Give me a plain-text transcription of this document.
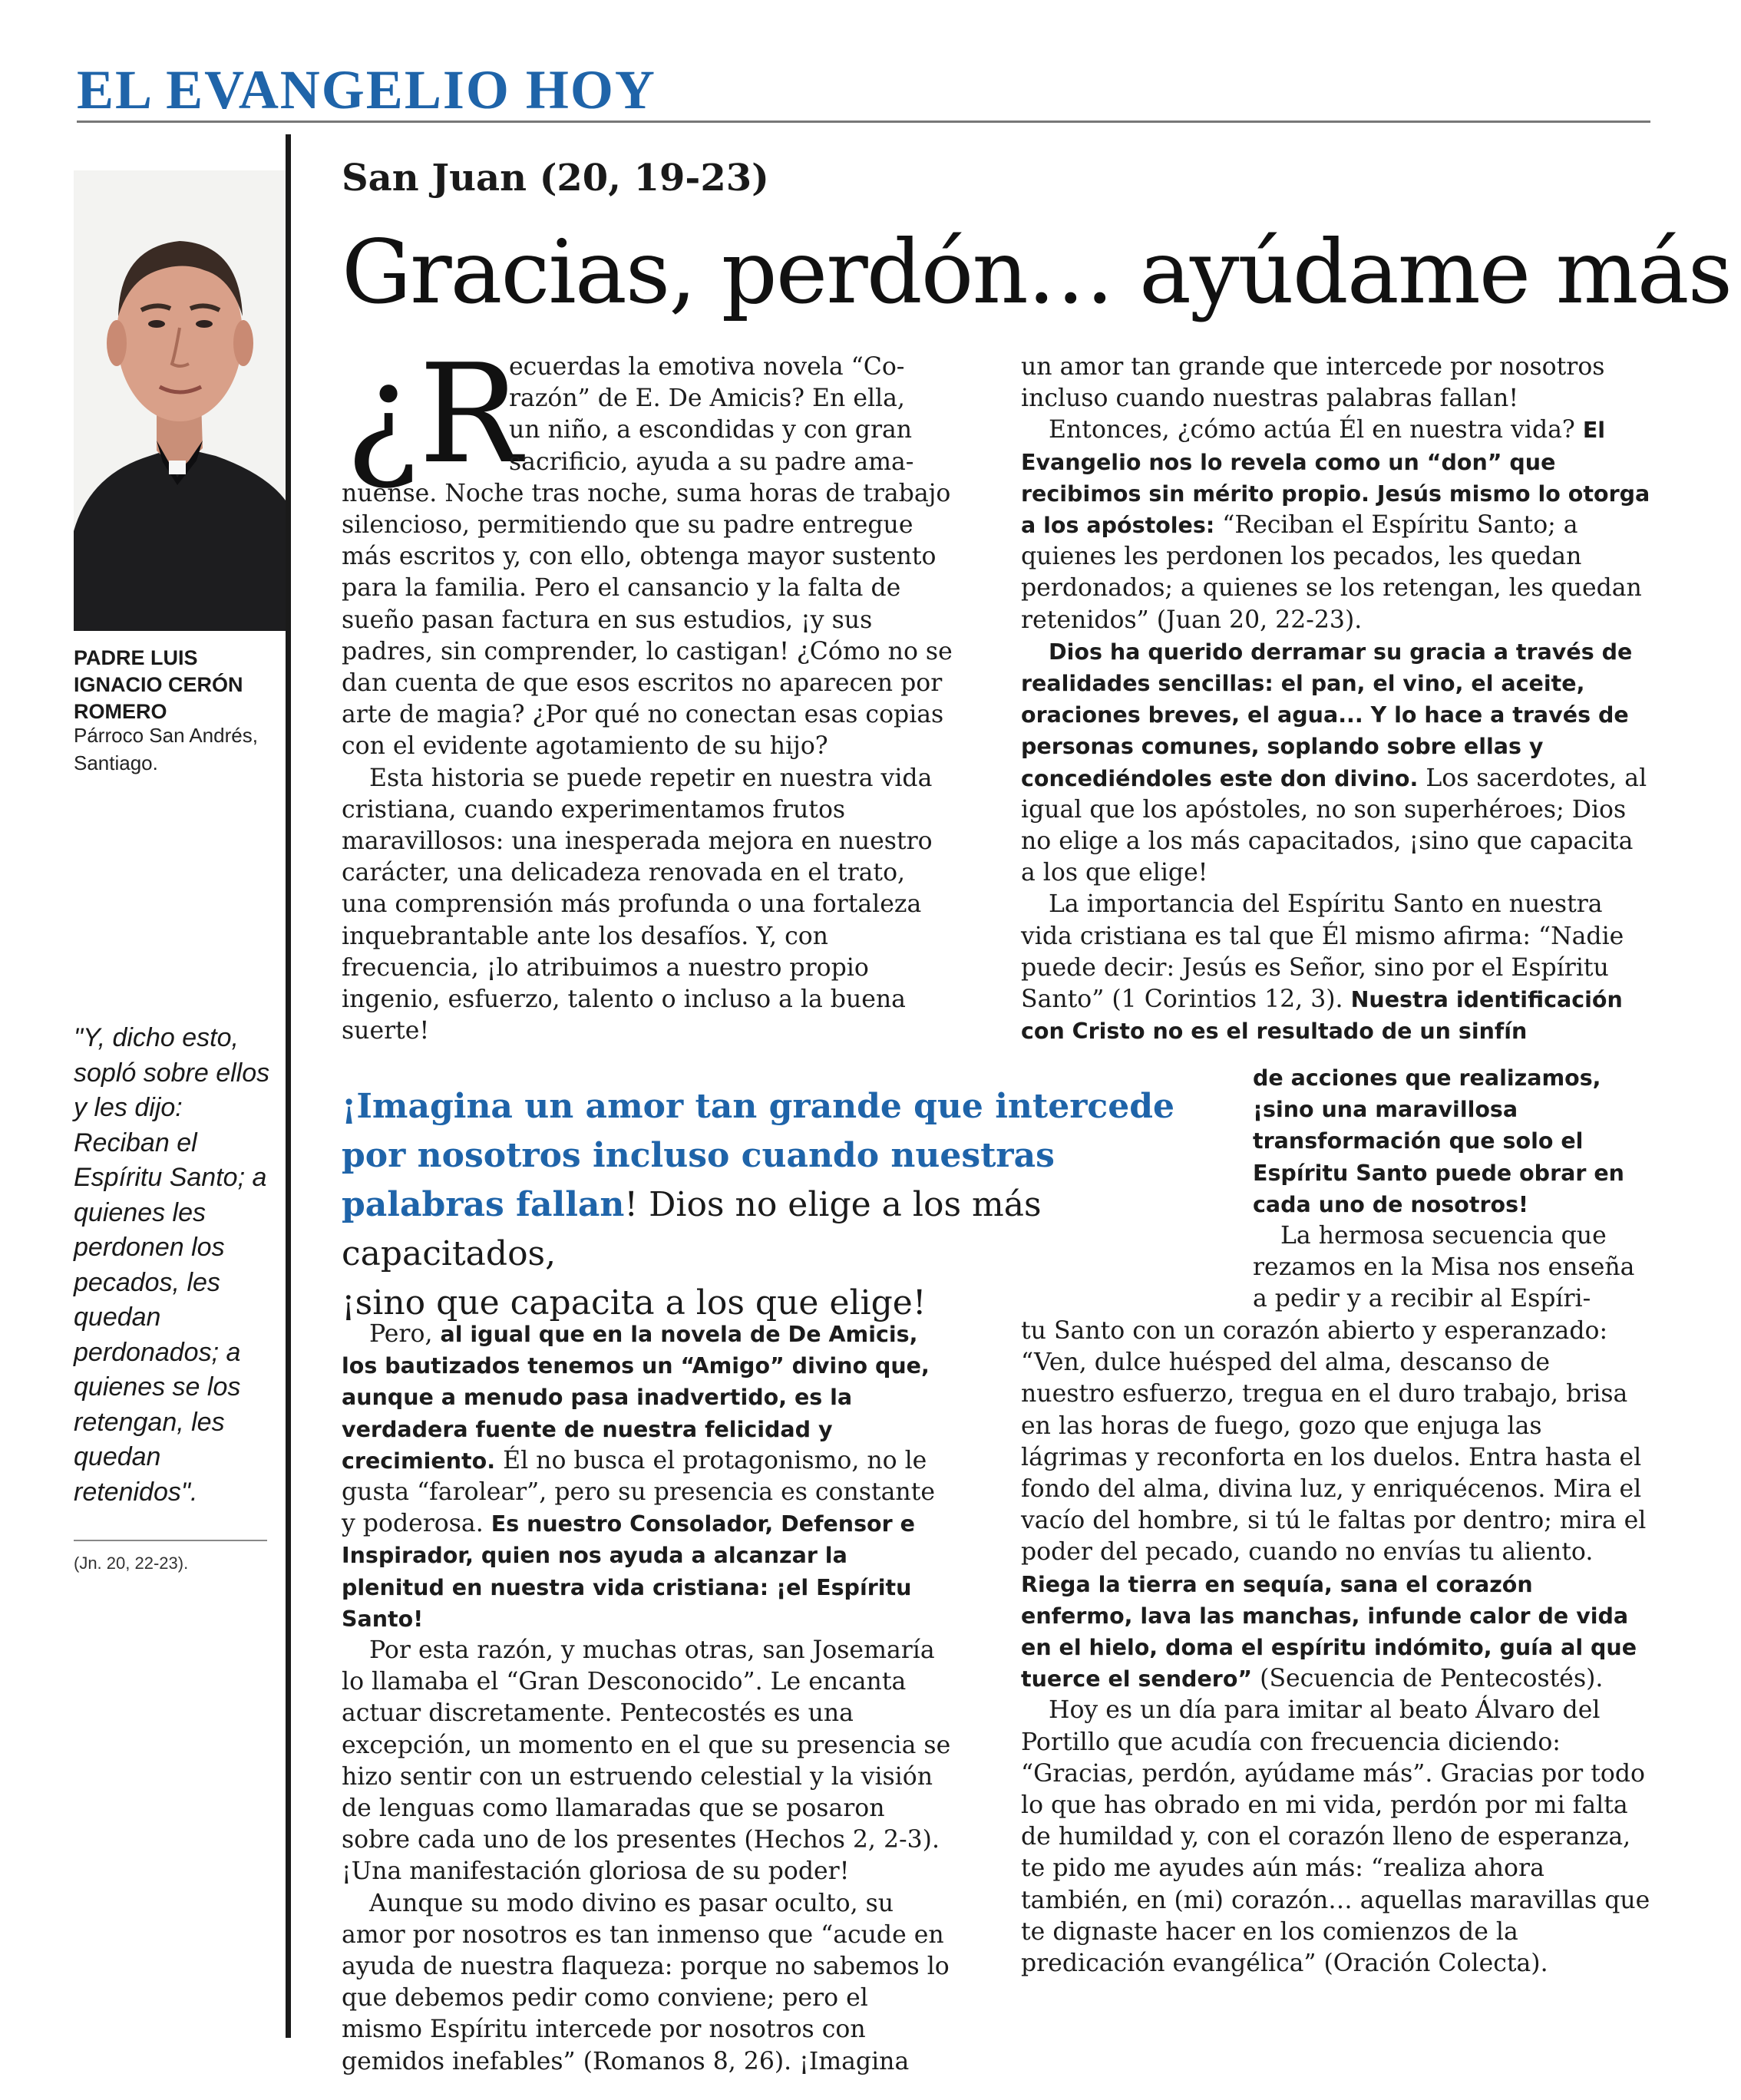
EL EVANGELIO HOY
PADRE LUIS IGNACIO CERÓN ROMERO
Párroco San Andrés, Santiago.
"Y, dicho esto, sopló sobre ellos y les dijo: Reciban el Espíritu Santo; a quienes les perdonen los pecados, les quedan perdonados; a quienes se los retengan, les quedan retenidos".
(Jn. 20, 22-23).
San Juan (20, 19-23)
Gracias, perdón… ayúdame más
¿R
ecuerdas la emotiva novela “Co-
razón” de E. De Amicis? En ella,
un niño, a escondidas y con gran
sacrificio, ayuda a su padre ama-

nuense. Noche tras noche, suma horas de trabajo silencioso, permitiendo que su padre entregue más escritos y, con ello, obtenga mayor sustento para la familia. Pero el cansancio y la falta de sueño pasan factura en sus estudios, ¡y sus padres, sin comprender, lo castigan! ¿Cómo no se dan cuenta de que esos escritos no aparecen por arte de magia? ¿Por qué no conectan esas copias con el evidente agotamiento de su hijo?

Esta historia se puede repetir en nuestra vida cristiana, cuando experimentamos frutos maravillosos: una inesperada mejora en nuestro carácter, una delicadeza renovada en el trato, una comprensión más profunda o una fortaleza inquebrantable ante los desafíos. Y, con frecuencia, ¡lo atribuimos a nuestro propio ingenio, esfuerzo, talento o incluso a la buena suerte!

¡Imagina un amor tan grande que intercede
por nosotros incluso cuando nuestras
palabras fallan! Dios no elige a los más capacitados,
¡sino que capacita a los que elige!

Pero, al igual que en la novela de De Amicis, los bautizados tenemos un “Amigo” divino que, aunque a menudo pasa inadvertido, es la verdadera fuente de nuestra felicidad y crecimiento. Él no busca el protagonismo, no le gusta “farolear”, pero su presencia es constante y poderosa. Es nuestro Consolador, Defensor e Inspirador, quien nos ayuda a alcanzar la plenitud en nuestra vida cristiana: ¡el Espíritu Santo!

Por esta razón, y muchas otras, san Josemaría lo llamaba el “Gran Desconocido”. Le encanta actuar discretamente. Pentecostés es una excepción, un momento en el que su presencia se hizo sentir con un estruendo celestial y la visión de lenguas como llamaradas que se posaron sobre cada uno de los presentes (Hechos 2, 2-3). ¡Una manifestación gloriosa de su poder!

Aunque su modo divino es pasar oculto, su amor por nosotros es tan inmenso que “acude en ayuda de nuestra flaqueza: porque no sabemos lo que debemos pedir como conviene; pero el mismo Espíritu intercede por nosotros con gemidos inefables” (Romanos 8, 26). ¡Imagina

un amor tan grande que intercede por nosotros incluso cuando nuestras palabras fallan!

Entonces, ¿cómo actúa Él en nuestra vida? El Evangelio nos lo revela como un “don” que recibimos sin mérito propio. Jesús mismo lo otorga a los apóstoles: “Reciban el Espíritu Santo; a quienes les perdonen los pecados, les quedan perdonados; a quienes se los retengan, les quedan retenidos” (Juan 20, 22-23).

Dios ha querido derramar su gracia a través de realidades sencillas: el pan, el vino, el aceite, oraciones breves, el agua... Y lo hace a través de personas comunes, soplando sobre ellas y concediéndoles este don divino. Los sacerdotes, al igual que los apóstoles, no son superhéroes; Dios no elige a los más capacitados, ¡sino que capacita a los que elige!

La importancia del Espíritu Santo en nuestra vida cristiana es tal que Él mismo afirma: “Nadie puede decir: Jesús es Señor, sino por el Espíritu Santo” (1 Corintios 12, 3). Nuestra identificación con Cristo no es el resultado de un sinfín

de acciones que realizamos, ¡sino una maravillosa transformación que solo el Espíritu Santo puede obrar en cada uno de nosotros!

La hermosa secuencia que rezamos en la Misa nos enseña a pedir y a recibir al Espíri-

tu Santo con un corazón abierto y esperanzado: “Ven, dulce huésped del alma, descanso de nuestro esfuerzo, tregua en el duro trabajo, brisa en las horas de fuego, gozo que enjuga las lágrimas y reconforta en los duelos. Entra hasta el fondo del alma, divina luz, y enriquécenos. Mira el vacío del hombre, si tú le faltas por dentro; mira el poder del pecado, cuando no envías tu aliento. Riega la tierra en sequía, sana el corazón enfermo, lava las manchas, infunde calor de vida en el hielo, doma el espíritu indómito, guía al que tuerce el sendero” (Secuencia de Pentecostés).

Hoy es un día para imitar al beato Álvaro del Portillo que acudía con frecuencia diciendo: “Gracias, perdón, ayúdame más”. Gracias por todo lo que has obrado en mi vida, perdón por mi falta de humildad y, con el corazón lleno de esperanza, te pido me ayudes aún más: “realiza ahora también, en (mi) corazón… aquellas maravillas que te dignaste hacer en los comienzos de la predicación evangélica” (Oración Colecta).
